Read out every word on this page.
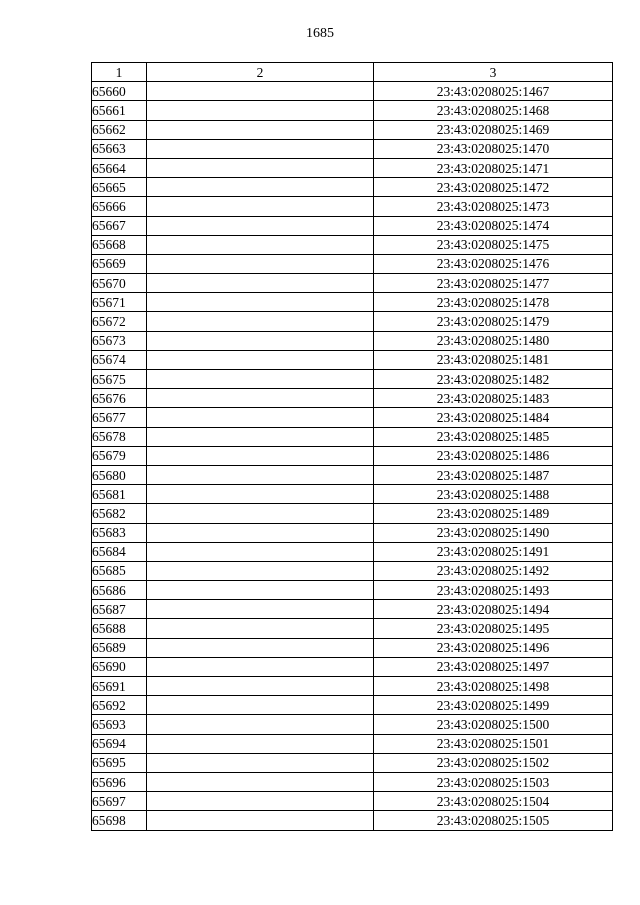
1685
1	2	3
65660		23:43:0208025:1467
65661		23:43:0208025:1468
65662		23:43:0208025:1469
65663		23:43:0208025:1470
65664		23:43:0208025:1471
65665		23:43:0208025:1472
65666		23:43:0208025:1473
65667		23:43:0208025:1474
65668		23:43:0208025:1475
65669		23:43:0208025:1476
65670		23:43:0208025:1477
65671		23:43:0208025:1478
65672		23:43:0208025:1479
65673		23:43:0208025:1480
65674		23:43:0208025:1481
65675		23:43:0208025:1482
65676		23:43:0208025:1483
65677		23:43:0208025:1484
65678		23:43:0208025:1485
65679		23:43:0208025:1486
65680		23:43:0208025:1487
65681		23:43:0208025:1488
65682		23:43:0208025:1489
65683		23:43:0208025:1490
65684		23:43:0208025:1491
65685		23:43:0208025:1492
65686		23:43:0208025:1493
65687		23:43:0208025:1494
65688		23:43:0208025:1495
65689		23:43:0208025:1496
65690		23:43:0208025:1497
65691		23:43:0208025:1498
65692		23:43:0208025:1499
65693		23:43:0208025:1500
65694		23:43:0208025:1501
65695		23:43:0208025:1502
65696		23:43:0208025:1503
65697		23:43:0208025:1504
65698		23:43:0208025:1505
